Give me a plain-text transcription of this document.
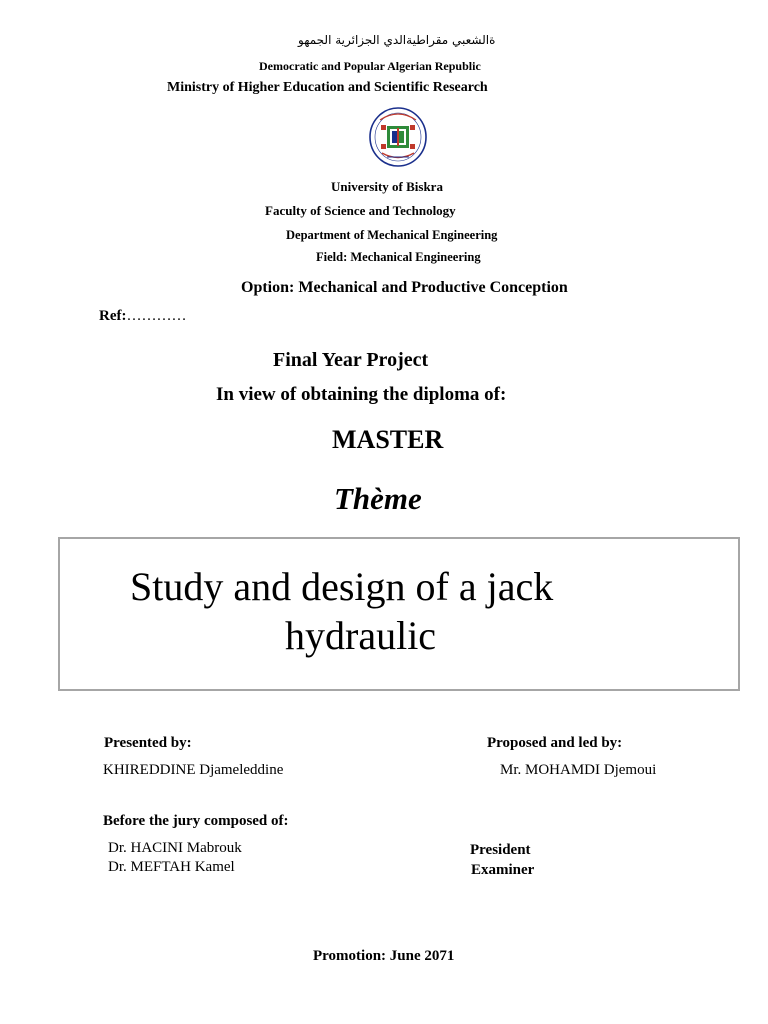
ةالشعبي مقراطيةالدي الجزائرية الجمهو
Democratic and Popular Algerian Republic
Ministry of Higher Education and Scientific Research
University of Biskra
Faculty of Science and Technology
Department of Mechanical Engineering
Field: Mechanical Engineering
Option: Mechanical and Productive Conception
Ref:…………
Final Year Project
In view of obtaining the diploma of:
MASTER
Thème
Study and design of a jack
hydraulic
Presented by:
KHIREDDINE Djameleddine
Proposed and led by:
Mr. MOHAMDI Djemoui
Before the jury composed of:
Dr. HACINI Mabrouk
Dr. MEFTAH Kamel
President
Examiner
Promotion: June 2071
